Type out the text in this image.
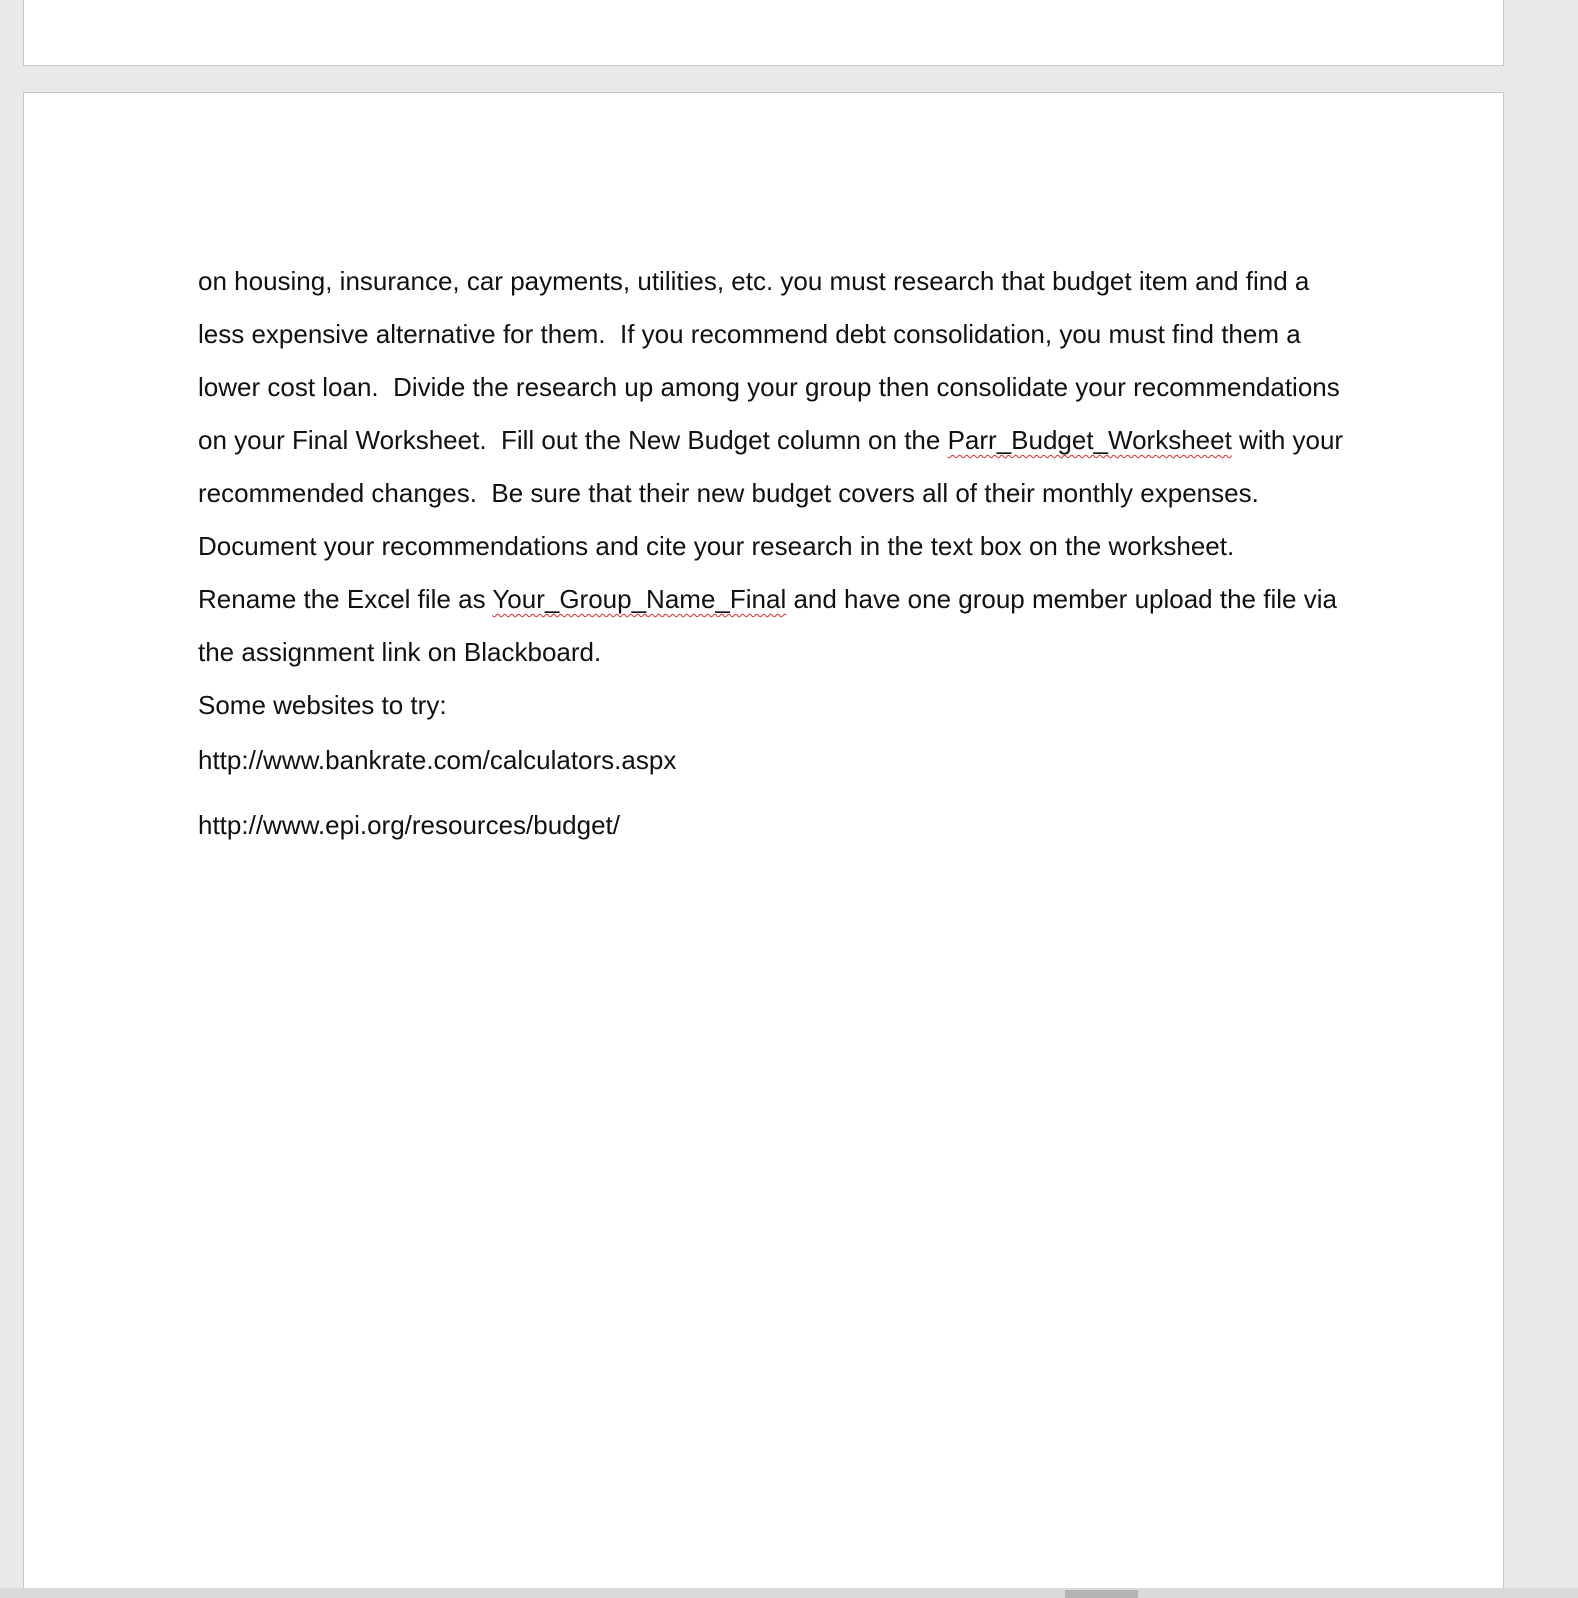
on housing, insurance, car payments, utilities, etc. you must research that budget item and find a
less expensive alternative for them.  If you recommend debt consolidation, you must find them a
lower cost loan.  Divide the research up among your group then consolidate your recommendations
on your Final Worksheet.  Fill out the New Budget column on the Parr_Budget_Worksheet with your
recommended changes.  Be sure that their new budget covers all of their monthly expenses.
Document your recommendations and cite your research in the text box on the worksheet.
Rename the Excel file as Your_Group_Name_Final and have one group member upload the file via
the assignment link on Blackboard.
Some websites to try:
http://www.bankrate.com/calculators.aspx
http://www.epi.org/resources/budget/
